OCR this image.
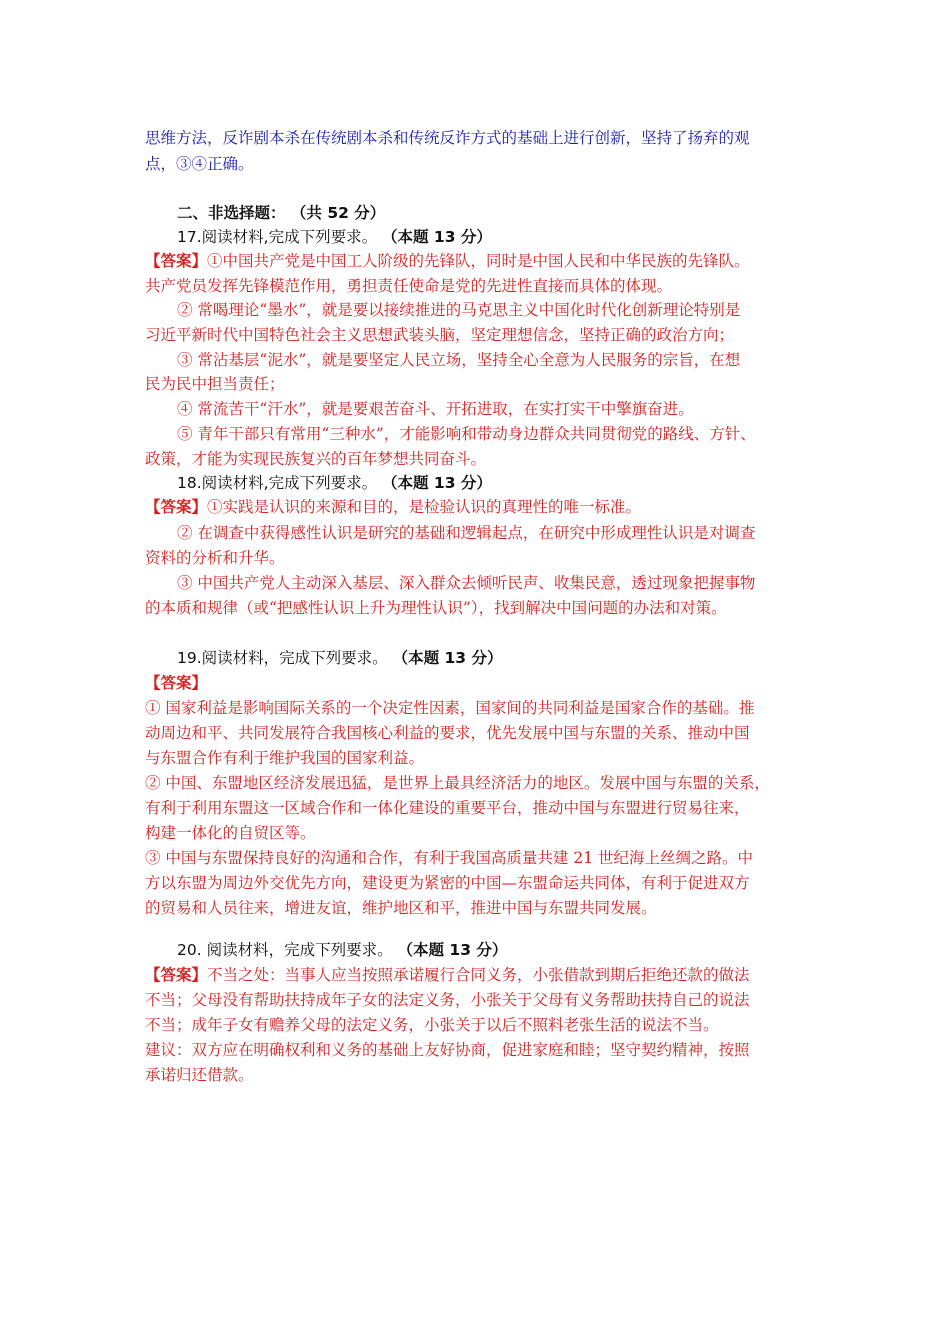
思维方法，反诈剧本杀在传统剧本杀和传统反诈方式的基础上进行创新，坚持了扬弃的观
点，③④正确。
二、非选择题： （共 52 分）
17.阅读材料,完成下列要求。 （本题 13 分）
【答案】①中国共产党是中国工人阶级的先锋队，同时是中国人民和中华民族的先锋队。
共产党员发挥先锋模范作用，勇担责任使命是党的先进性直接而具体的体现。
② 常喝理论“墨水”，就是要以接续推进的马克思主义中国化时代化创新理论特别是
习近平新时代中国特色社会主义思想武装头脑，坚定理想信念，坚持正确的政治方向；
③ 常沾基层“泥水”，就是要坚定人民立场，坚持全心全意为人民服务的宗旨，在想
民为民中担当责任；
④ 常流苦干“汗水”，就是要艰苦奋斗、开拓进取，在实打实干中擎旗奋进。
⑤ 青年干部只有常用“三种水”，才能影响和带动身边群众共同贯彻党的路线、方针、
政策，才能为实现民族复兴的百年梦想共同奋斗。
18.阅读材料,完成下列要求。 （本题 13 分）
【答案】①实践是认识的来源和目的，是检验认识的真理性的唯一标准。
② 在调查中获得感性认识是研究的基础和逻辑起点，在研究中形成理性认识是对调查
资料的分析和升华。
③ 中国共产党人主动深入基层、深入群众去倾听民声、收集民意，透过现象把握事物
的本质和规律（或“把感性认识上升为理性认识”），找到解决中国问题的办法和对策。
19.阅读材料，完成下列要求。 （本题 13 分）
【答案】
① 国家利益是影响国际关系的一个决定性因素，国家间的共同利益是国家合作的基础。推
动周边和平、共同发展符合我国核心利益的要求，优先发展中国与东盟的关系、推动中国
与东盟合作有利于维护我国的国家利益。
② 中国、东盟地区经济发展迅猛，是世界上最具经济活力的地区。发展中国与东盟的关系，
有利于利用东盟这一区域合作和一体化建设的重要平台，推动中国与东盟进行贸易往来，
构建一体化的自贸区等。
③ 中国与东盟保持良好的沟通和合作，有利于我国高质量共建 21 世纪海上丝绸之路。中
方以东盟为周边外交优先方向，建设更为紧密的中国—东盟命运共同体，有利于促进双方
的贸易和人员往来，增进友谊，维护地区和平，推进中国与东盟共同发展。
20. 阅读材料，完成下列要求。 （本题 13 分）
【答案】不当之处：当事人应当按照承诺履行合同义务，小张借款到期后拒绝还款的做法
不当；父母没有帮助扶持成年子女的法定义务，小张关于父母有义务帮助扶持自己的说法
不当；成年子女有赡养父母的法定义务，小张关于以后不照料老张生活的说法不当。
建议：双方应在明确权利和义务的基础上友好协商，促进家庭和睦；坚守契约精神，按照
承诺归还借款。
